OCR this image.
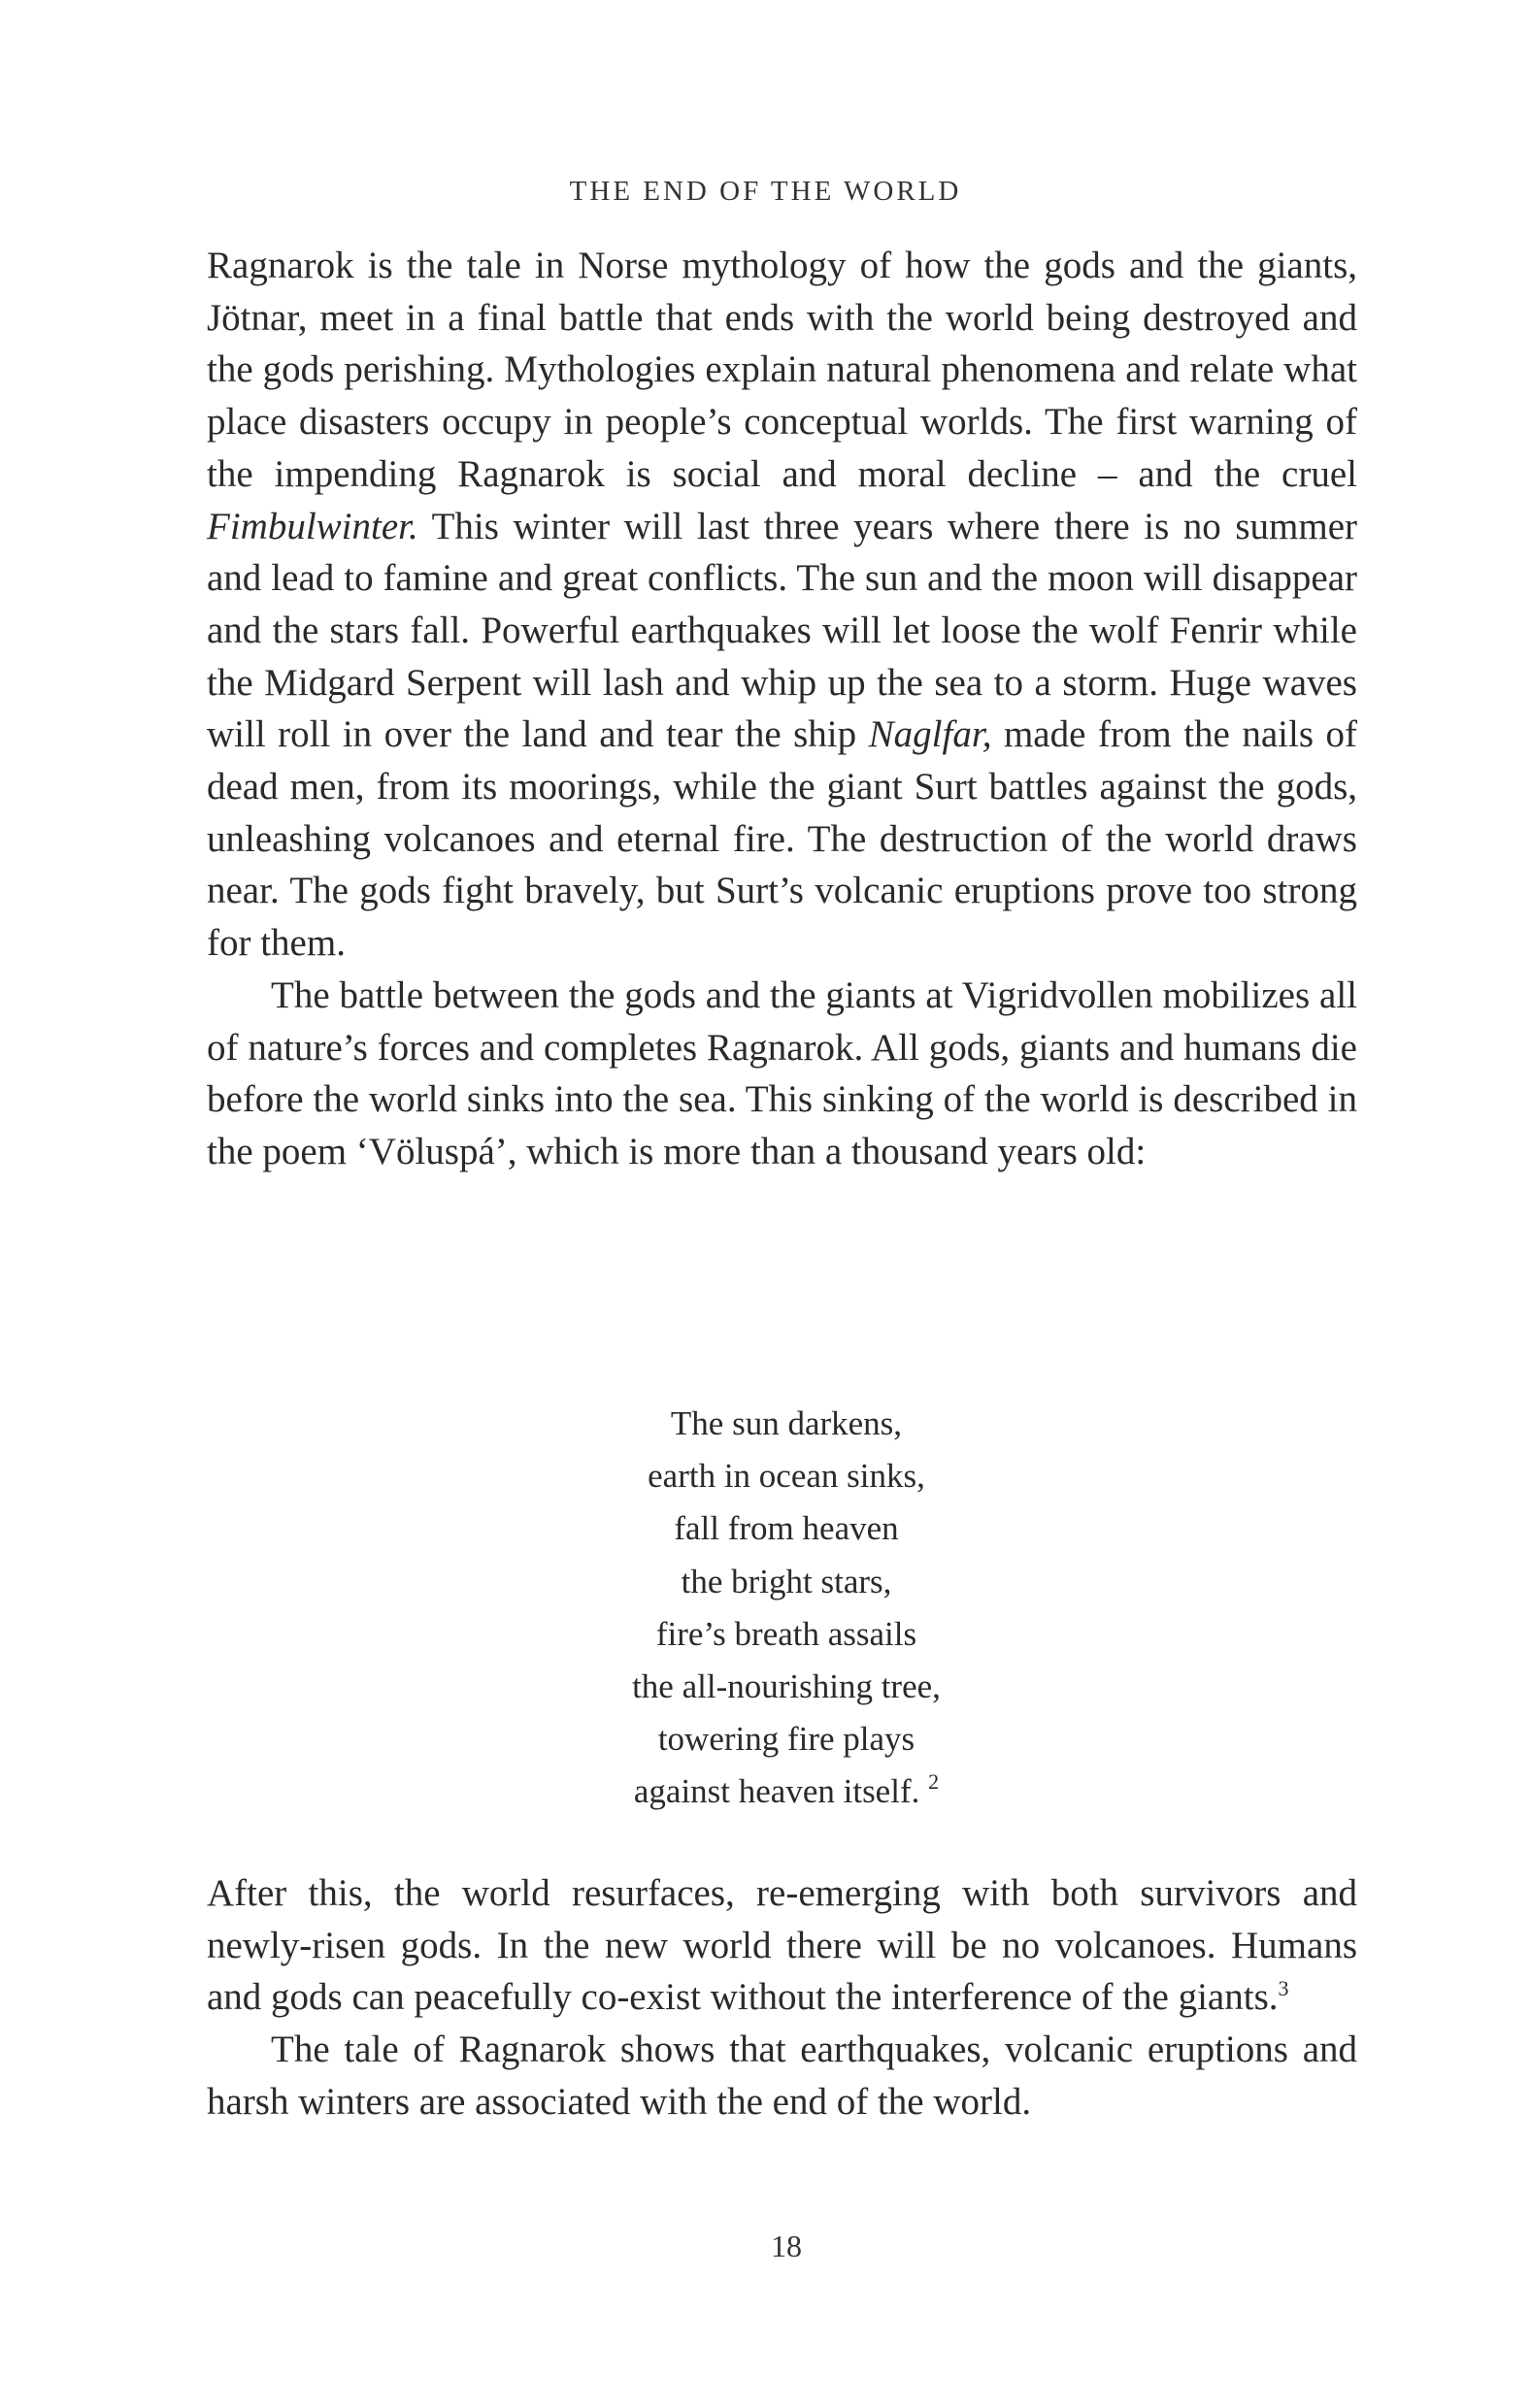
THE END OF THE WORLD

Ragnarok is the tale in Norse mythology of how the gods and the giants, Jötnar, meet in a final battle that ends with the world being destroyed and the gods perishing. Mythologies explain natural phenomena and relate what place disasters occupy in people’s conceptual worlds. The first warning of the impending Ragnarok is social and moral decline – and the cruel Fimbulwinter. This winter will last three years where there is no summer and lead to famine and great conflicts. The sun and the moon will disappear and the stars fall. Powerful earthquakes will let loose the wolf Fenrir while the Midgard Serpent will lash and whip up the sea to a storm. Huge waves will roll in over the land and tear the ship Naglfar, made from the nails of dead men, from its moorings, while the giant Surt battles against the gods, unleashing volcanoes and eternal fire. The destruction of the world draws near. The gods fight bravely, but Surt’s volcanic eruptions prove too strong for them.

The battle between the gods and the giants at Vigridvollen mobilizes all of nature’s forces and completes Ragnarok. All gods, giants and humans die before the world sinks into the sea. This sinking of the world is described in the poem ‘Völuspá’, which is more than a thousand years old:

The sun darkens,
earth in ocean sinks,
fall from heaven
the bright stars,
fire’s breath assails
the all-nourishing tree,
towering fire plays
against heaven itself. $^2$

After this, the world resurfaces, re-emerging with both survivors and newly-risen gods. In the new world there will be no volcanoes. Humans and gods can peacefully co-exist without the interference of the giants.$^3$

The tale of Ragnarok shows that earthquakes, volcanic eruptions and harsh winters are associated with the end of the world.

18
